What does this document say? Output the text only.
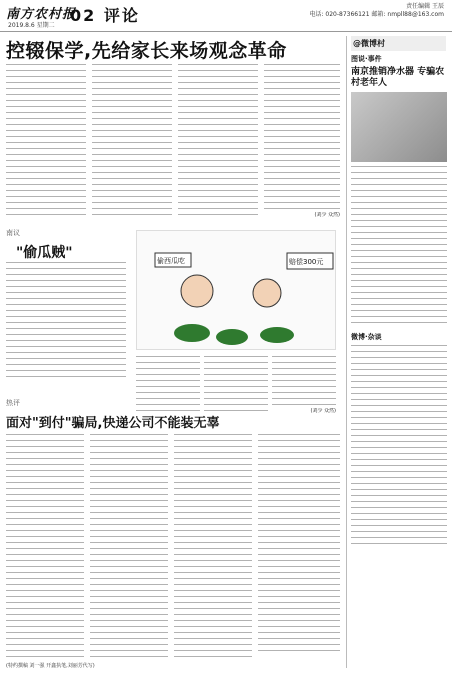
南方农村报
2019.8.6 星期二
02 评论	责任编辑 王辰
电话: 020-87366121 邮箱: nmpll88@163.com
控辍保学,先给家长来场观念革命
(刘少 众然)
南议
"偷瓜贼"	偷西瓜吃	赔偿300元
(刘少 众然)
热评
面对"到付"骗局,快递公司不能装无辜
(特约撰稿 刘一强 开鑫执笔,刘丽芳代写)
@微博村
图说·事件
南京推销净水器 专骗农村老年人
微博·杂谈
